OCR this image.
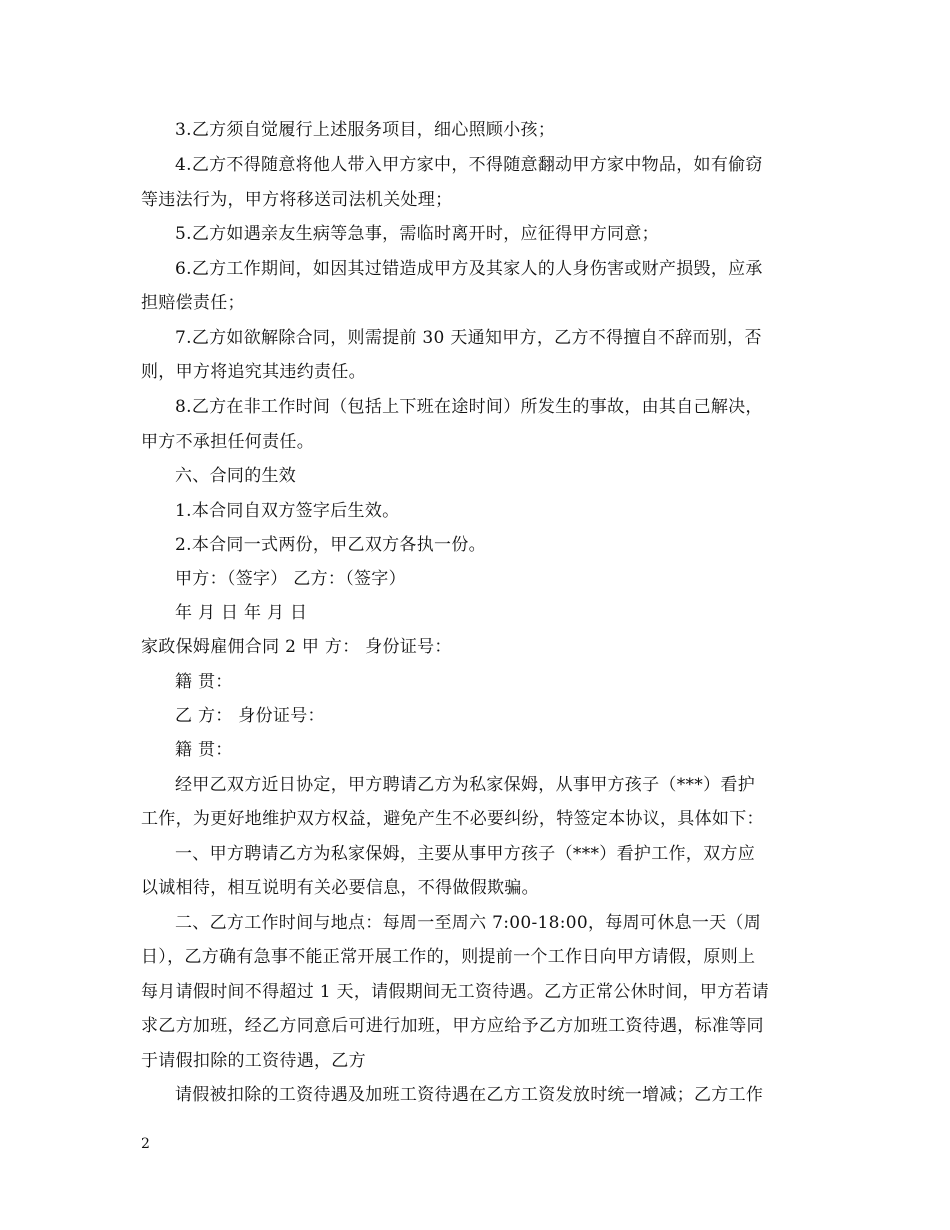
3.乙方须自觉履行上述服务项目，细心照顾小孩；
4.乙方不得随意将他人带入甲方家中，不得随意翻动甲方家中物品，如有偷窃
等违法行为，甲方将移送司法机关处理；
5.乙方如遇亲友生病等急事，需临时离开时，应征得甲方同意；
6.乙方工作期间，如因其过错造成甲方及其家人的人身伤害或财产损毁，应承
担赔偿责任；
7.乙方如欲解除合同，则需提前 30 天通知甲方，乙方不得擅自不辞而别，否
则，甲方将追究其违约责任。
8.乙方在非工作时间（包括上下班在途时间）所发生的事故，由其自己解决，
甲方不承担任何责任。
六、合同的生效
1.本合同自双方签字后生效。
2.本合同一式两份，甲乙双方各执一份。
甲方：（签字） 乙方：（签字）
年 月 日 年 月 日
家政保姆雇佣合同 2 甲 方： 身份证号：
籍 贯：
乙 方： 身份证号：
籍 贯：
经甲乙双方近日协定，甲方聘请乙方为私家保姆，从事甲方孩子（***）看护
工作，为更好地维护双方权益，避免产生不必要纠纷，特签定本协议，具体如下：
一、甲方聘请乙方为私家保姆，主要从事甲方孩子（***）看护工作，双方应
以诚相待，相互说明有关必要信息，不得做假欺骗。
二、乙方工作时间与地点：每周一至周六 7:00-18:00，每周可休息一天（周
日），乙方确有急事不能正常开展工作的，则提前一个工作日向甲方请假，原则上
每月请假时间不得超过 1 天，请假期间无工资待遇。乙方正常公休时间，甲方若请
求乙方加班，经乙方同意后可进行加班，甲方应给予乙方加班工资待遇，标准等同
于请假扣除的工资待遇，乙方
请假被扣除的工资待遇及加班工资待遇在乙方工资发放时统一增减；乙方工作
2
